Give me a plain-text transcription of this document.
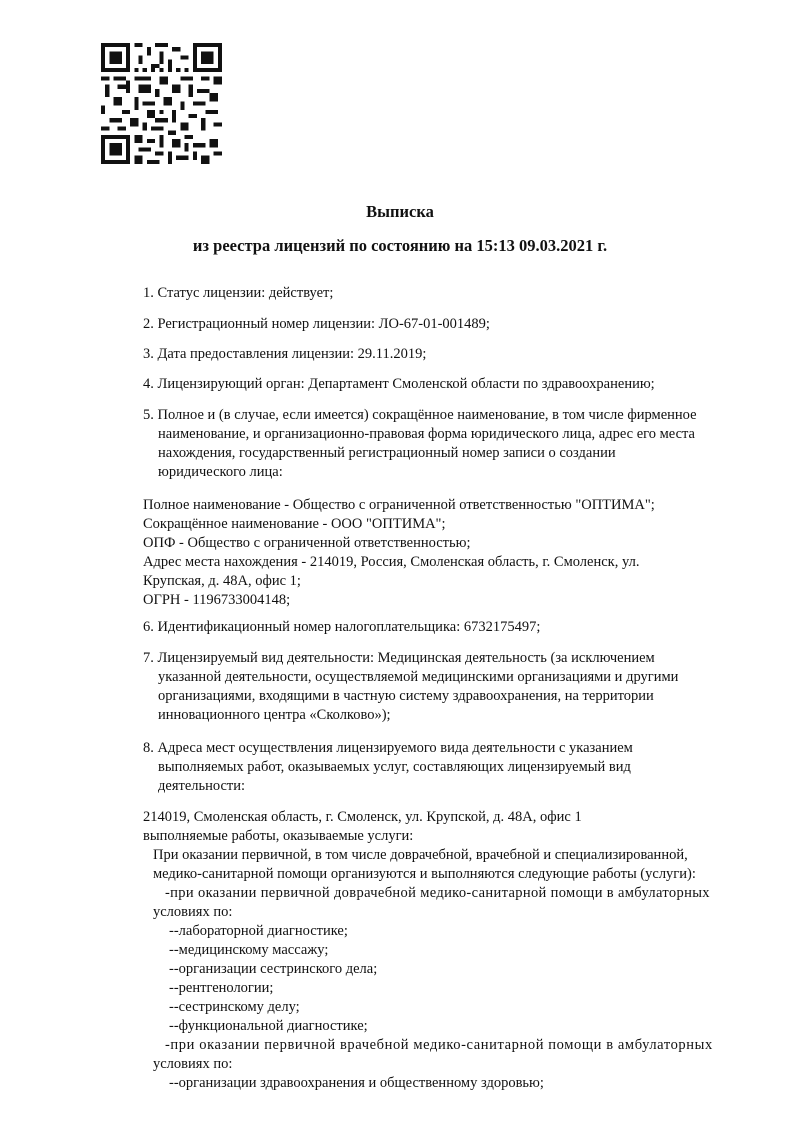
Выписка

из реестра лицензий по состоянию на 15:13 09.03.2021 г.

1. Статус лицензии: действует;

2. Регистрационный номер лицензии: ЛО-67-01-001489;

3. Дата предоставления лицензии: 29.11.2019;

4. Лицензирующий орган: Департамент Смоленской области по здравоохранению;

5. Полное и (в случае, если имеется) сокращённое наименование, в том числе фирменное
наименование, и организационно-правовая форма юридического лица, адрес его места
нахождения, государственный регистрационный номер записи о создании
юридического лица:
Полное наименование - Общество с ограниченной ответственностью "ОПТИМА";
Сокращённое наименование - ООО "ОПТИМА";
ОПФ - Общество с ограниченной ответственностью;
Адрес места нахождения - 214019, Россия, Смоленская область, г. Смоленск, ул.
Крупская, д. 48А, офис 1;
ОГРН - 1196733004148;

6. Идентификационный номер налогоплательщика: 6732175497;

7. Лицензируемый вид деятельности: Медицинская деятельность (за исключением
указанной деятельности, осуществляемой медицинскими организациями и другими
организациями, входящими в частную систему здравоохранения, на территории
инновационного центра «Сколково»);
8. Адреса мест осуществления лицензируемого вида деятельности с указанием
выполняемых работ, оказываемых услуг, составляющих лицензируемый вид
деятельности:
214019, Смоленская область, г. Смоленск, ул. Крупской, д. 48А, офис 1
выполняемые работы, оказываемые услуги:
При оказании первичной, в том числе доврачебной, врачебной и специализированной,
медико-санитарной помощи организуются и выполняются следующие работы (услуги):
-при оказании первичной доврачебной медико-санитарной помощи в амбулаторных
условиях по:
--лабораторной диагностике;
--медицинскому массажу;
--организации сестринского дела;
--рентгенологии;
--сестринскому делу;
--функциональной диагностике;
-при оказании первичной врачебной медико-санитарной помощи в амбулаторных
условиях по:
--организации здравоохранения и общественному здоровью;
